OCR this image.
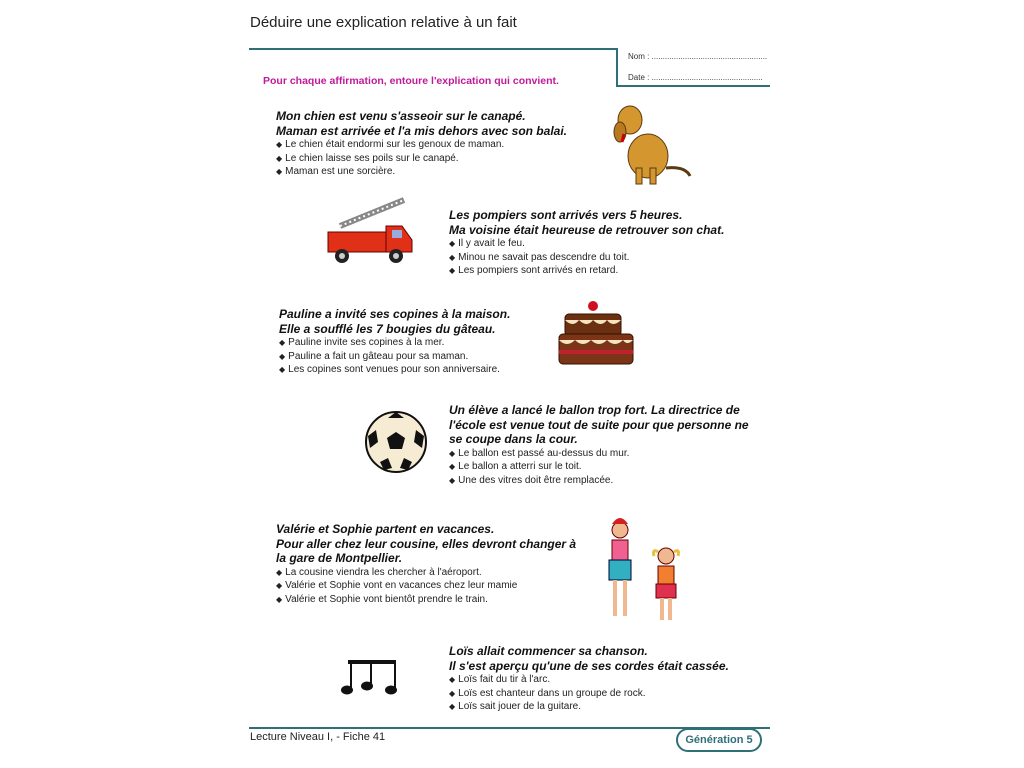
Déduire une explication relative à un fait
Nom : ....................................................
Date : ..................................................
Pour chaque affirmation, entoure l'explication qui convient.
Mon chien est venu s'asseoir sur le canapé.
Maman est arrivée et l'a mis dehors avec son balai.
◆ Le chien était endormi sur les genoux de maman.
◆ Le chien laisse ses poils sur le canapé.
◆ Maman est une sorcière.
Les pompiers sont arrivés vers 5 heures.
Ma voisine était heureuse de retrouver son chat.
◆ Il y avait le feu.
◆ Minou ne savait pas descendre du toit.
◆ Les pompiers sont arrivés en retard.
Pauline a invité ses copines à la maison.
Elle a soufflé les 7 bougies du gâteau.
◆ Pauline invite ses copines à la mer.
◆ Pauline a fait un gâteau pour sa maman.
◆ Les copines sont venues pour son anniversaire.
Un élève a lancé le ballon trop fort. La directrice de
l'école est venue tout de suite pour que personne ne
se coupe dans la cour.
◆ Le ballon est passé au-dessus du mur.
◆ Le ballon a atterri sur le toit.
◆ Une des vitres doit être remplacée.
Valérie et Sophie partent en vacances.
Pour aller chez leur cousine, elles devront changer à
la gare de Montpellier.
◆ La cousine viendra les chercher à l'aéroport.
◆ Valérie et Sophie vont en vacances chez leur mamie
◆ Valérie et Sophie vont bientôt prendre le train.
Loïs allait commencer sa chanson.
Il s'est aperçu qu'une de ses cordes était cassée.
◆ Loïs fait du tir à l'arc.
◆ Loïs est chanteur dans un groupe de rock.
◆ Loïs sait jouer de la guitare.
Lecture Niveau I, - Fiche 41	Génération 5
